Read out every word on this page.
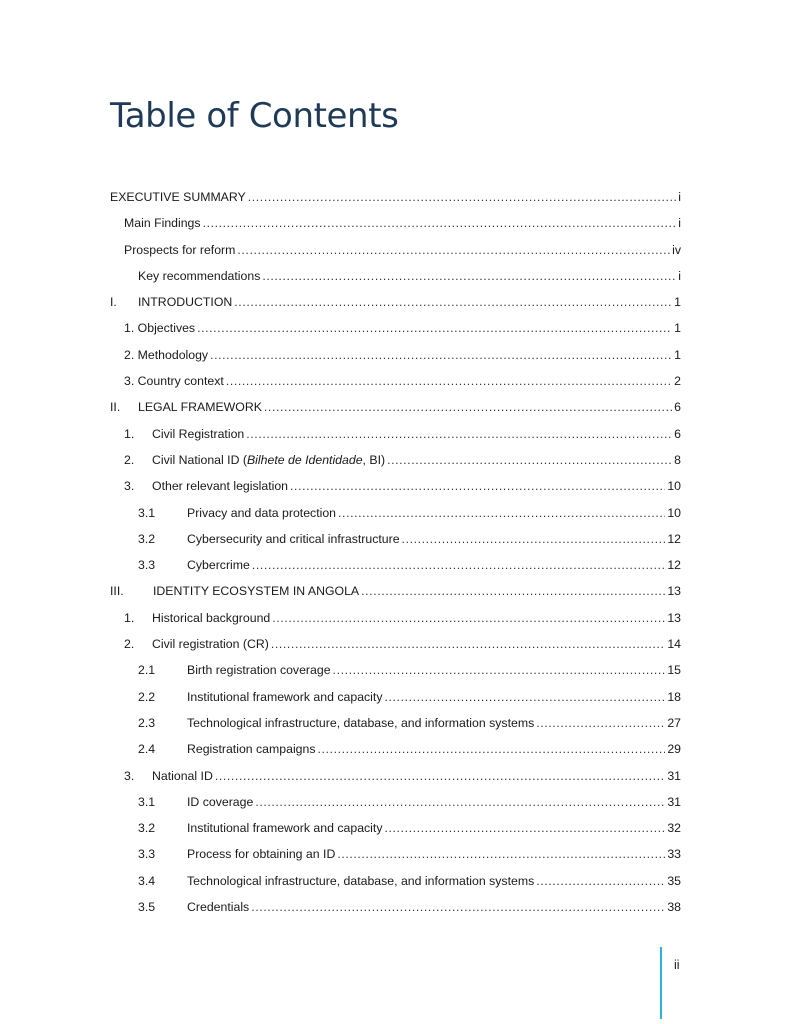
Table of Contents
EXECUTIVE SUMMARY .....	i
Main Findings .....	i
Prospects for reform .....	iv
Key recommendations .....	i
I.	INTRODUCTION .....	1
1. Objectives .....	1
2. Methodology .....	1
3. Country context .....	2
II.	LEGAL FRAMEWORK .....	6
1.	Civil Registration .....	6
2.	Civil National ID (Bilhete de Identidade, BI) .....	8
3.	Other relevant legislation .....	10
3.1	Privacy and data protection .....	10
3.2	Cybersecurity and critical infrastructure .....	12
3.3	Cybercrime .....	12
III.	IDENTITY ECOSYSTEM IN ANGOLA .....	13
1.	Historical background .....	13
2.	Civil registration (CR) .....	14
2.1	Birth registration coverage .....	15
2.2	Institutional framework and capacity .....	18
2.3	Technological infrastructure, database, and information systems .....	27
2.4	Registration campaigns .....	29
3.	National ID .....	31
3.1	ID coverage .....	31
3.2	Institutional framework and capacity .....	32
3.3	Process for obtaining an ID .....	33
3.4	Technological infrastructure, database, and information systems .....	35
3.5	Credentials .....	38
ii
